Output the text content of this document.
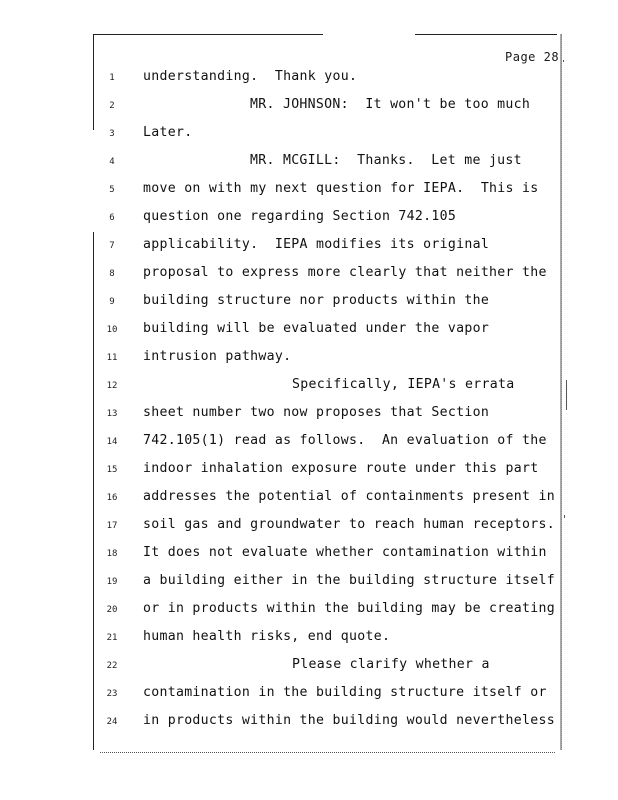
Page 28
1	understanding.  Thank you.
2	MR. JOHNSON:  It won't be too much
3	Later.
4	MR. MCGILL:  Thanks.  Let me just
5	move on with my next question for IEPA.  This is
6	question one regarding Section 742.105
7	applicability.  IEPA modifies its original
8	proposal to express more clearly that neither the
9	building structure nor products within the
10 building will be evaluated under the vapor
11 intrusion pathway.
12	Specifically, IEPA's errata
13 sheet number two now proposes that Section
14 742.105(1) read as follows.  An evaluation of the
15 indoor inhalation exposure route under this part
16 addresses the potential of containments present in
17 soil gas and groundwater to reach human receptors.
18 It does not evaluate whether contamination within
19 a building either in the building structure itself
20 or in products within the building may be creating
21 human health risks, end quote.
22	Please clarify whether a
23 contamination in the building structure itself or
24 in products within the building would nevertheless
